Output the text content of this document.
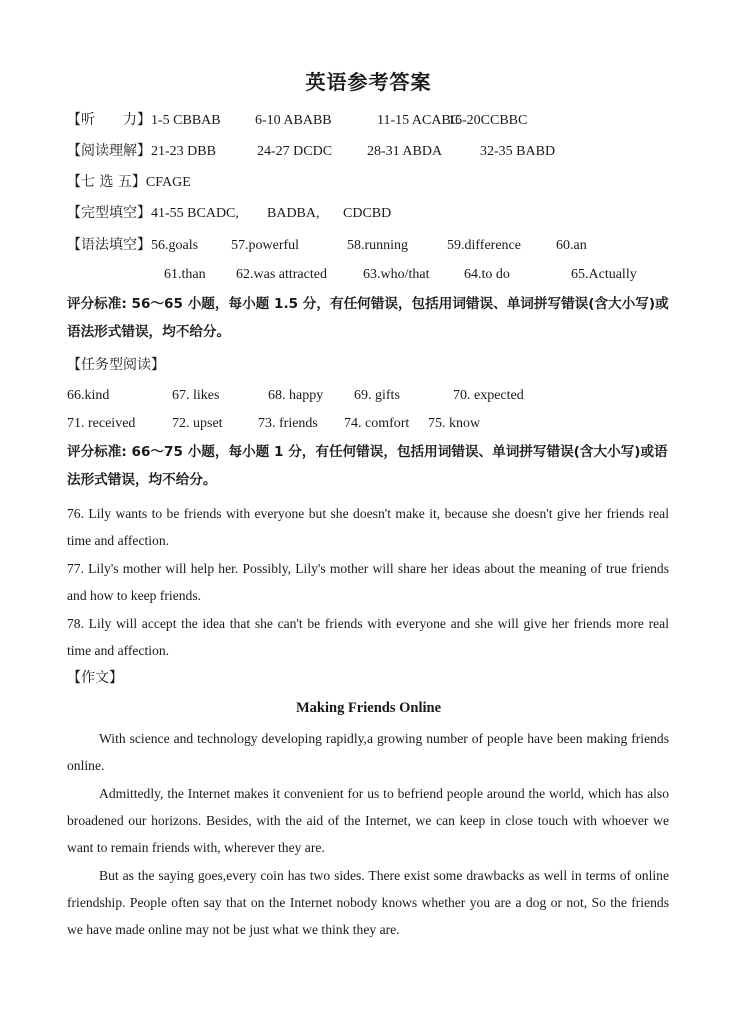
英语参考答案
【听　　力】1-5 CBBAB 6-10 ABABB	11-15 ACABC16-20CCBBC
【阅读理解】21-23 DBB	24-27 DCDC 28-31 ABDA	32-35 BABD
【七 选 五】CFAGE
【完型填空】41-55 BCADC, BADBA, CDCBD
【语法填空】56.goals 57.powerful	58.running	59.difference	60.an
61.than 62.was attracted	63.who/that 64.to do	65.Actually
评分标准: 56～65 小题，每小题 1.5 分，有任何错误，包括用词错误、单词拼写错误(含大小写)或语法形式错误，均不给分。
【任务型阅读】
66.kind	67. likes	68. happy 69. gifts	70. expected
71. received	72. upset	73. friends 74. comfort 75. know
评分标准: 66～75 小题，每小题 1 分，有任何错误，包括用词错误、单词拼写错误(含大小写)或语法形式错误，均不给分。
76. Lily wants to be friends with everyone but she doesn't make it, because she doesn't give her friends real time and affection.
77. Lily's mother will help her. Possibly, Lily's mother will share her ideas about the meaning of true friends and how to keep friends.
78. Lily will accept the idea that she can't be friends with everyone and she will give her friends more real time and affection.
【作文】
Making Friends Online
With science and technology developing rapidly,a growing number of people have been making friends online.
Admittedly, the Internet makes it convenient for us to befriend people around the world, which has also broadened our horizons. Besides, with the aid of the Internet, we can keep in close touch with whoever we want to remain friends with, wherever they are.
But as the saying goes,every coin has two sides. There exist some drawbacks as well in terms of online friendship. People often say that on the Internet nobody knows whether you are a dog or not, So the friends we have made online may not be just what we think they are.
